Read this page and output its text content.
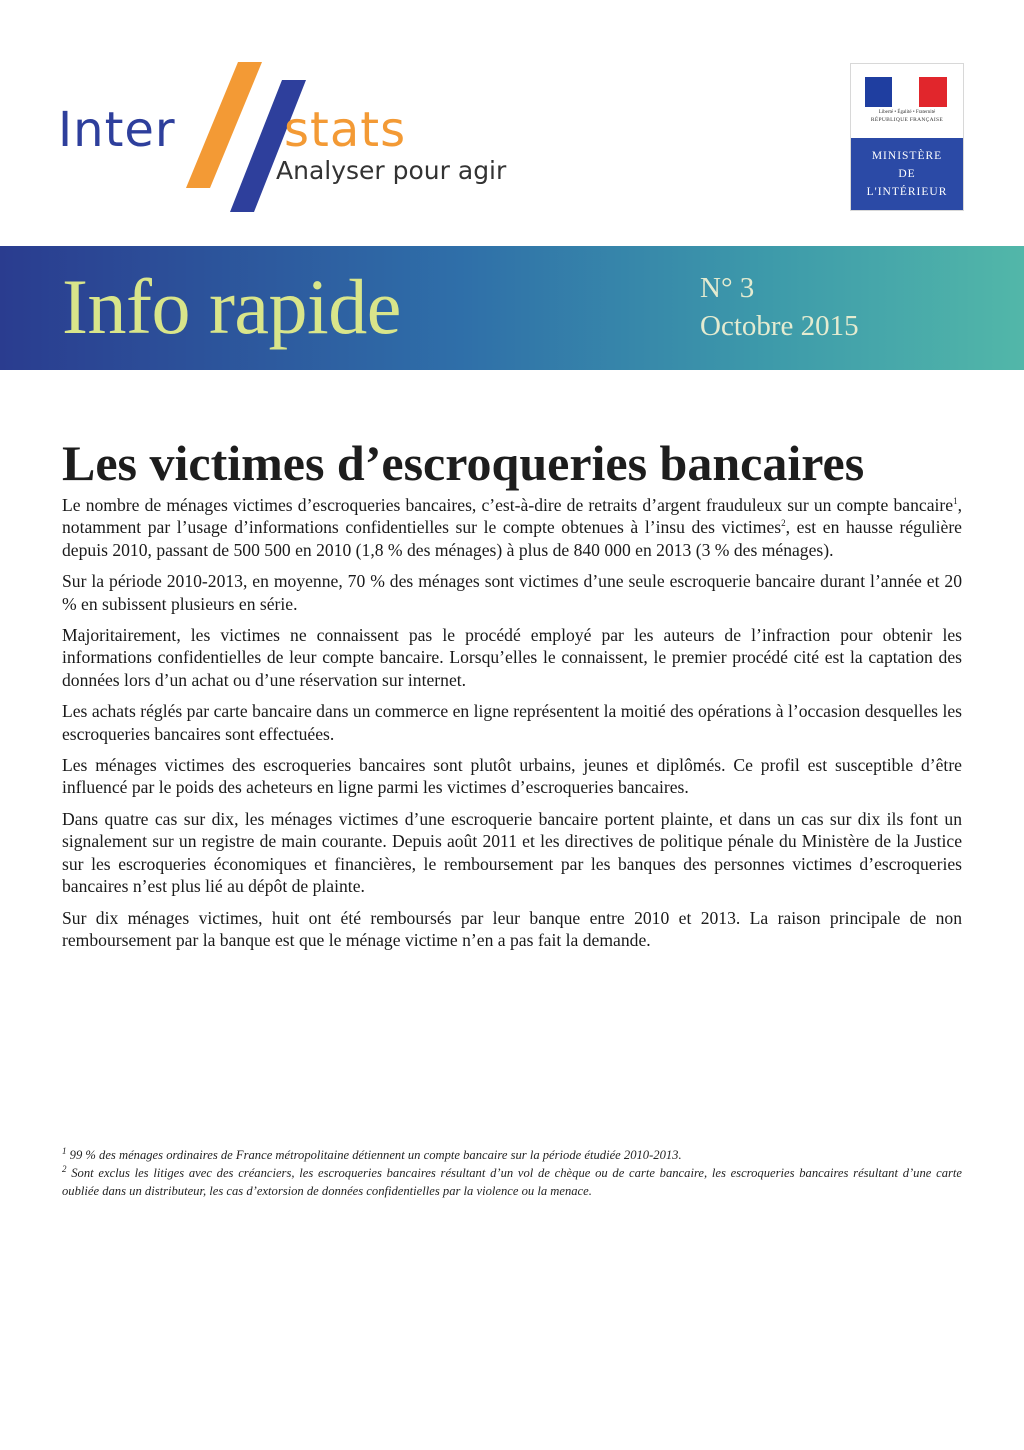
Inter stats
Analyser pour agir
Liberté • Égalité • Fraternité
RÉPUBLIQUE FRANÇAISE
MINISTÈRE
DE
L'INTÉRIEUR
Info rapide	N° 3
Octobre 2015
Les victimes d’escroqueries bancaires

Le nombre de ménages victimes d’escroqueries bancaires, c’est-à-dire de retraits d’argent frauduleux sur un compte bancaire$^1$, notamment par l’usage d’informations confidentielles sur le compte obtenues à l’insu des victimes$^2$, est en hausse régulière depuis 2010, passant de 500 500 en 2010 (1,8 % des ménages) à plus de 840 000 en 2013 (3 % des ménages).

Sur la période 2010-2013, en moyenne, 70 % des ménages sont victimes d’une seule escroquerie bancaire durant l’année et 20 % en subissent plusieurs en série.

Majoritairement, les victimes ne connaissent pas le procédé employé par les auteurs de l’infraction pour obtenir les informations confidentielles de leur compte bancaire. Lorsqu’elles le connaissent, le premier procédé cité est la captation des données lors d’un achat ou d’une réservation sur internet.

Les achats réglés par carte bancaire dans un commerce en ligne représentent la moitié des opérations à l’occasion desquelles les escroqueries bancaires sont effectuées.

Les ménages victimes des escroqueries bancaires sont plutôt urbains, jeunes et diplômés. Ce profil est susceptible d’être influencé par le poids des acheteurs en ligne parmi les victimes d’escroqueries bancaires.

Dans quatre cas sur dix, les ménages victimes d’une escroquerie bancaire portent plainte, et dans un cas sur dix ils font un signalement sur un registre de main courante. Depuis août 2011 et les directives de politique pénale du Ministère de la Justice sur les escroqueries économiques et financières, le remboursement par les banques des personnes victimes d’escroqueries bancaires n’est plus lié au dépôt de plainte.

Sur dix ménages victimes, huit ont été remboursés par leur banque entre 2010 et 2013. La raison principale de non remboursement par la banque est que le ménage victime n’en a pas fait la demande.

$^1$ 99 % des ménages ordinaires de France métropolitaine détiennent un compte bancaire sur la période étudiée 2010-2013.

$^2$ Sont exclus les litiges avec des créanciers, les escroqueries bancaires résultant d’un vol de chèque ou de carte bancaire, les escroqueries bancaires résultant d’une carte oubliée dans un distributeur, les cas d’extorsion de données confidentielles par la violence ou la menace.
